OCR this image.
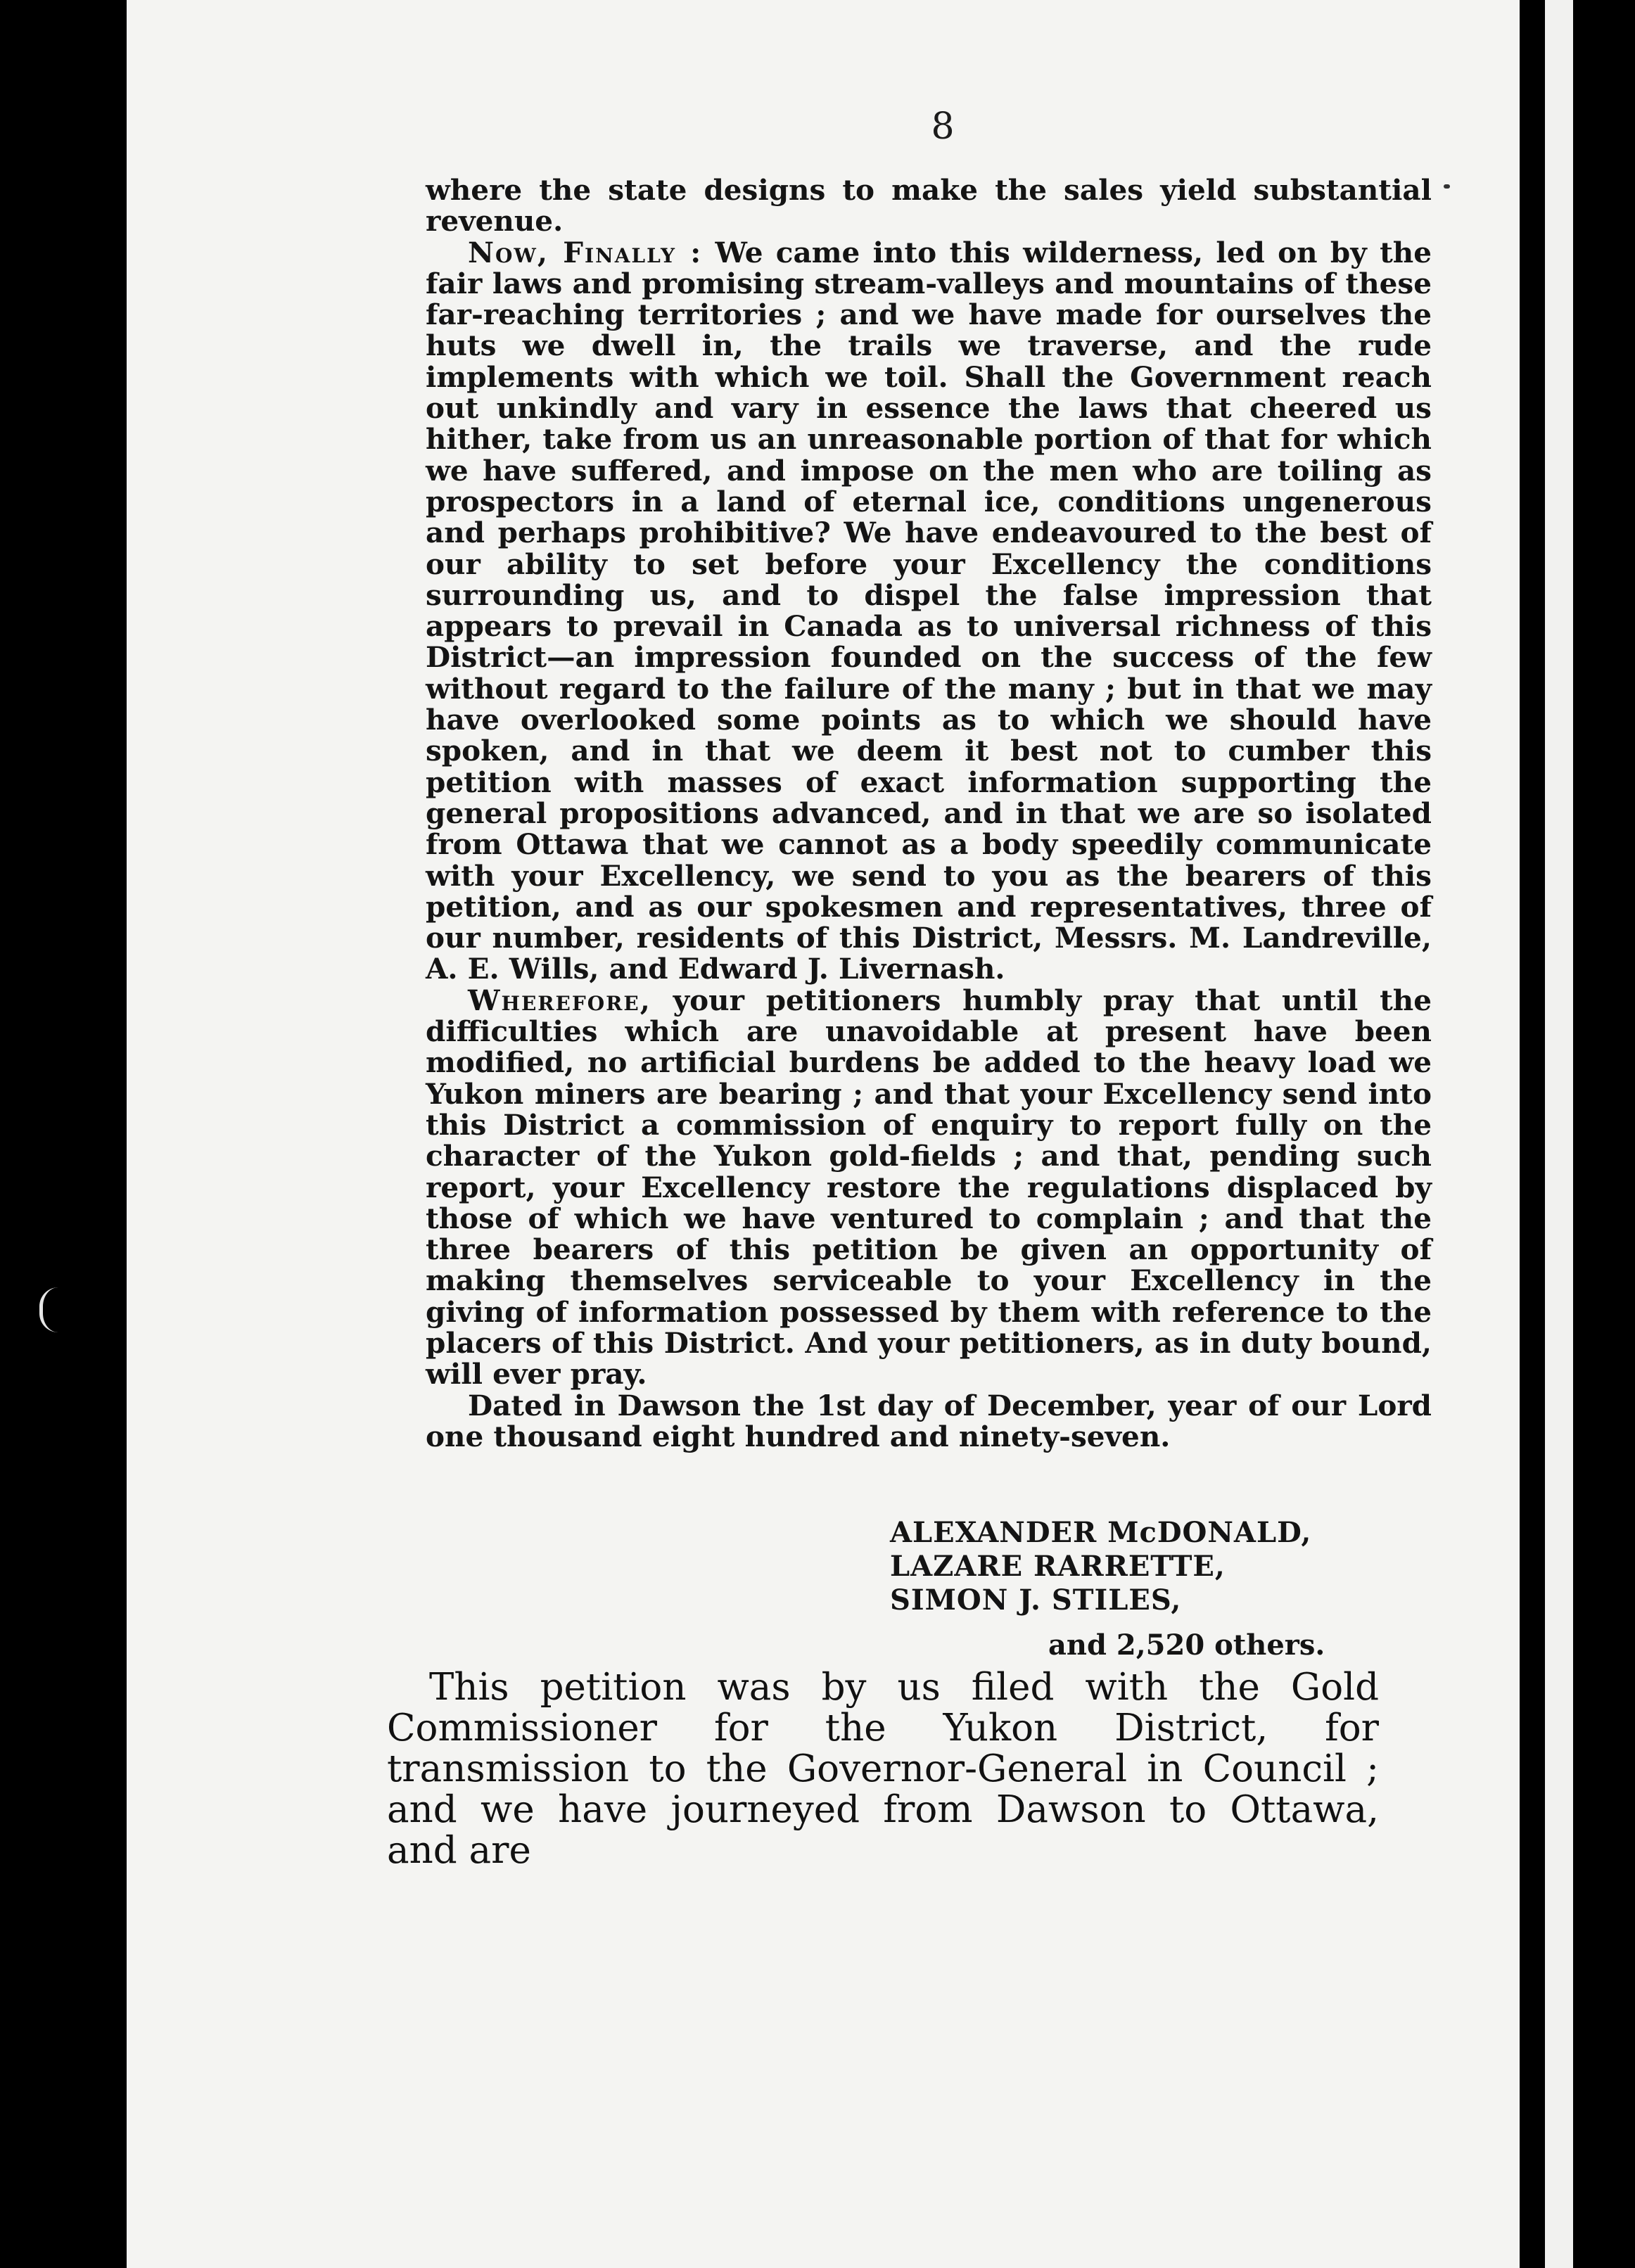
8

where the state designs to make the sales yield substantial revenue.

Now, Finally : We came into this wilderness, led on by the fair laws and promising stream-valleys and mountains of these far-reaching territories ; and we have made for ourselves the huts we dwell in, the trails we traverse, and the rude implements with which we toil. Shall the Government reach out unkindly and vary in essence the laws that cheered us hither, take from us an unreasonable portion of that for which we have suffered, and impose on the men who are toiling as prospectors in a land of eternal ice, conditions ungenerous and perhaps prohibitive? We have endeavoured to the best of our ability to set before your Excellency the conditions surrounding us, and to dispel the false impression that appears to prevail in Canada as to universal richness of this District—an impression founded on the success of the few without regard to the failure of the many ; but in that we may have overlooked some points as to which we should have spoken, and in that we deem it best not to cumber this petition with masses of exact information supporting the general propositions advanced, and in that we are so isolated from Ottawa that we cannot as a body speedily communicate with your Excellency, we send to you as the bearers of this petition, and as our spokesmen and representatives, three of our number, residents of this District, Messrs. M. Landreville, A. E. Wills, and Edward J. Livernash.

Wherefore, your petitioners humbly pray that until the difficulties which are unavoidable at present have been modified, no artificial burdens be added to the heavy load we Yukon miners are bearing ; and that your Excellency send into this District a commission of enquiry to report fully on the character of the Yukon gold-fields ; and that, pending such report, your Excellency restore the regulations displaced by those of which we have ventured to complain ; and that the three bearers of this petition be given an opportunity of making themselves serviceable to your Excellency in the giving of information possessed by them with reference to the placers of this District. And your petitioners, as in duty bound, will ever pray.

Dated in Dawson the 1st day of December, year of our Lord one thousand eight hundred and ninety-seven.

ALEXANDER McDONALD,
LAZARE RARRETTE,
SIMON J. STILES,
and 2,520 others.

This petition was by us filed with the Gold Commissioner for the Yukon District, for transmission to the Governor-General in Council ; and we have journeyed from Dawson to Ottawa, and are
